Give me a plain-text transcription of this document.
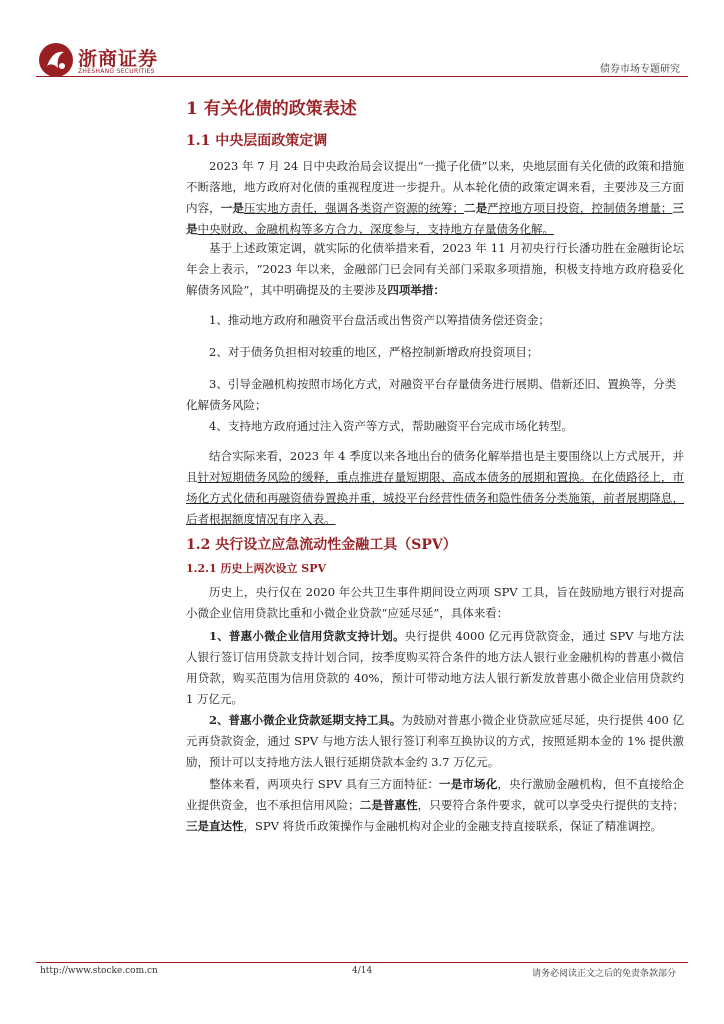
浙商证券
ZHESHANG SECURITIES	债券市场专题研究
1 有关化债的政策表述
1.1 中央层面政策定调
2023 年 7 月 24 日中央政治局会议提出“一揽子化债”以来，央地层面有关化债的政策和措施不断落地，地方政府对化债的重视程度进一步提升。从本轮化债的政策定调来看，主要涉及三方面内容，一是压实地方责任，强调各类资产资源的统筹；二是严控地方项目投资，控制债务增量；三是中央财政、金融机构等多方合力、深度参与，支持地方存量债务化解。
基于上述政策定调，就实际的化债举措来看，2023 年 11 月初央行行长潘功胜在金融街论坛年会上表示，“2023 年以来，金融部门已会同有关部门采取多项措施，积极支持地方政府稳妥化解债务风险”，其中明确提及的主要涉及四项举措：
1、推动地方政府和融资平台盘活或出售资产以筹措债务偿还资金；
2、对于债务负担相对较重的地区，严格控制新增政府投资项目；
3、引导金融机构按照市场化方式，对融资平台存量债务进行展期、借新还旧、置换等，分类化解债务风险；
4、支持地方政府通过注入资产等方式，帮助融资平台完成市场化转型。
结合实际来看，2023 年 4 季度以来各地出台的债务化解举措也是主要围绕以上方式展开，并且针对短期债务风险的缓释，重点推进存量短期限、高成本债务的展期和置换。在化债路径上，市场化方式化债和再融资债券置换并重，城投平台经营性债务和隐性债务分类施策，前者展期降息，后者根据额度情况有序入表。
1.2 央行设立应急流动性金融工具（SPV）
1.2.1 历史上两次设立 SPV
历史上，央行仅在 2020 年公共卫生事件期间设立两项 SPV 工具，旨在鼓励地方银行对提高小微企业信用贷款比重和小微企业贷款“应延尽延”，具体来看：
1、普惠小微企业信用贷款支持计划。央行提供 4000 亿元再贷款资金，通过 SPV 与地方法人银行签订信用贷款支持计划合同，按季度购买符合条件的地方法人银行业金融机构的普惠小微信用贷款，购买范围为信用贷款的 40%，预计可带动地方法人银行新发放普惠小微企业信用贷款约 1 万亿元。
2、普惠小微企业贷款延期支持工具。为鼓励对普惠小微企业贷款应延尽延，央行提供 400 亿元再贷款资金，通过 SPV 与地方法人银行签订利率互换协议的方式，按照延期本金的 1% 提供激励，预计可以支持地方法人银行延期贷款本金约 3.7 万亿元。
整体来看，两项央行 SPV 具有三方面特征：一是市场化，央行激励金融机构，但不直接给企业提供资金，也不承担信用风险；二是普惠性，只要符合条件要求，就可以享受央行提供的支持；三是直达性，SPV 将货币政策操作与金融机构对企业的金融支持直接联系，保证了精准调控。
http://www.stocke.com.cn	4/14	请务必阅读正文之后的免责条款部分
